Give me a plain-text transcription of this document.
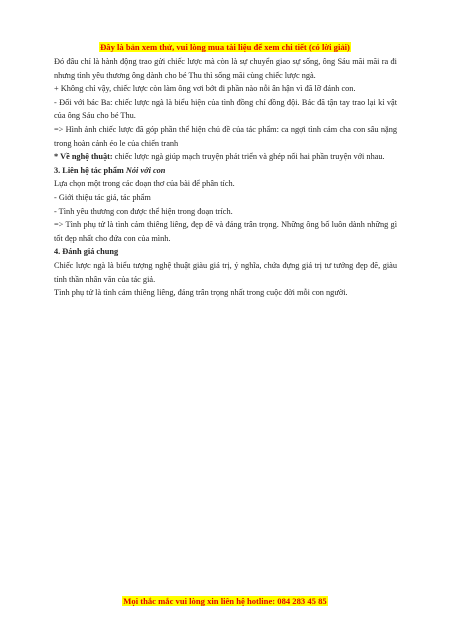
Đây là bản xem thử, vui lòng mua tài liệu để xem chi tiết (có lời giải)

Đó đâu chỉ là hành động trao gửi chiếc lược mà còn là sự chuyển giao sự sống, ông Sáu mãi mãi ra đi nhưng tình yêu thương ông dành cho bé Thu thì sống mãi cùng chiếc lược ngà.

+ Không chỉ vậy, chiếc lược còn làm ông vơi bớt đi phần nào nỗi ân hận vì đã lỡ đánh con.

- Đối với bác Ba: chiếc lược ngà là biểu hiện của tình đồng chí đồng đội. Bác đã tận tay trao lại kỉ vật của ông Sáu cho bé Thu.

=> Hình ảnh chiếc lược đã góp phần thể hiện chủ đề của tác phẩm: ca ngợi tình cảm cha con sâu nặng trong hoàn cảnh éo le của chiến tranh

* Về nghệ thuật: chiếc lược ngà giúp mạch truyện phát triển và ghép nối hai phần truyện với nhau.

3. Liên hệ tác phẩm Nói với con

Lựa chọn một trong các đoạn thơ của bài để phân tích.

- Giới thiệu tác giả, tác phẩm

- Tình yêu thương con được thể hiện trong đoạn trích.

=> Tình phụ tử là tình cảm thiêng liêng, đẹp đẽ và đáng trân trọng. Những ông bố luôn dành những gì tốt đẹp nhất cho đứa con của mình.

4. Đánh giá chung

Chiếc lược ngà là biểu tượng nghệ thuật giàu giá trị, ý nghĩa, chứa đựng giá trị tư tưởng đẹp đẽ, giàu tính thần nhân văn của tác giả.

Tình phụ tử là tình cảm thiêng liêng, đáng trân trọng nhất trong cuộc đời mỗi con người.

Mọi thắc mắc vui lòng xin liên hệ hotline: 084 283 45 85
